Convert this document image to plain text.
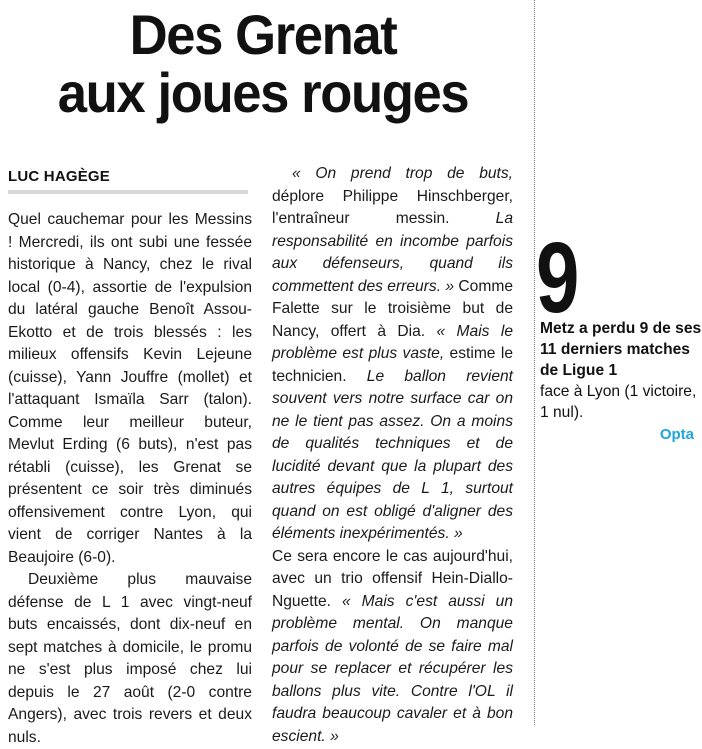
Des Grenat
aux joues rouges
LUC HAGÈGE

Quel cauchemar pour les Messins ! Mercredi, ils ont subi une fessée historique à Nancy, chez le rival local (0-4), assortie de l'expulsion du latéral gauche Benoît Assou-Ekotto et de trois blessés : les milieux offensifs Kevin Lejeune (cuisse), Yann Jouffre (mollet) et l'attaquant Ismaïla Sarr (talon). Comme leur meilleur buteur, Mevlut Erding (6 buts), n'est pas rétabli (cuisse), les Grenat se présentent ce soir très diminués offensivement contre Lyon, qui vient de corriger Nantes à la Beaujoire (6-0).

Deuxième plus mauvaise défense de L 1 avec vingt-neuf buts encaissés, dont dix-neuf en sept matches à domicile, le promu ne s'est plus imposé chez lui depuis le 27 août (2-0 contre Angers), avec trois revers et deux nuls.

« On prend trop de buts, déplore Philippe Hinschberger, l'entraîneur messin. La responsabilité en incombe parfois aux défenseurs, quand ils commettent des erreurs. » Comme Falette sur le troisième but de Nancy, offert à Dia. « Mais le problème est plus vaste, estime le technicien. Le ballon revient souvent vers notre surface car on ne le tient pas assez. On a moins de qualités techniques et de lucidité devant que la plupart des autres équipes de L 1, surtout quand on est obligé d'aligner des éléments inexpérimentés. »

Ce sera encore le cas aujourd'hui, avec un trio offensif Hein-Diallo-Nguette. « Mais c'est aussi un problème mental. On manque parfois de volonté de se faire mal pour se replacer et récupérer les ballons plus vite. Contre l'OL il faudra beaucoup cavaler et à bon escient. »

9
Metz a perdu 9 de ses 11 derniers matches de Ligue 1
face à Lyon (1 victoire, 1 nul).
Opta
